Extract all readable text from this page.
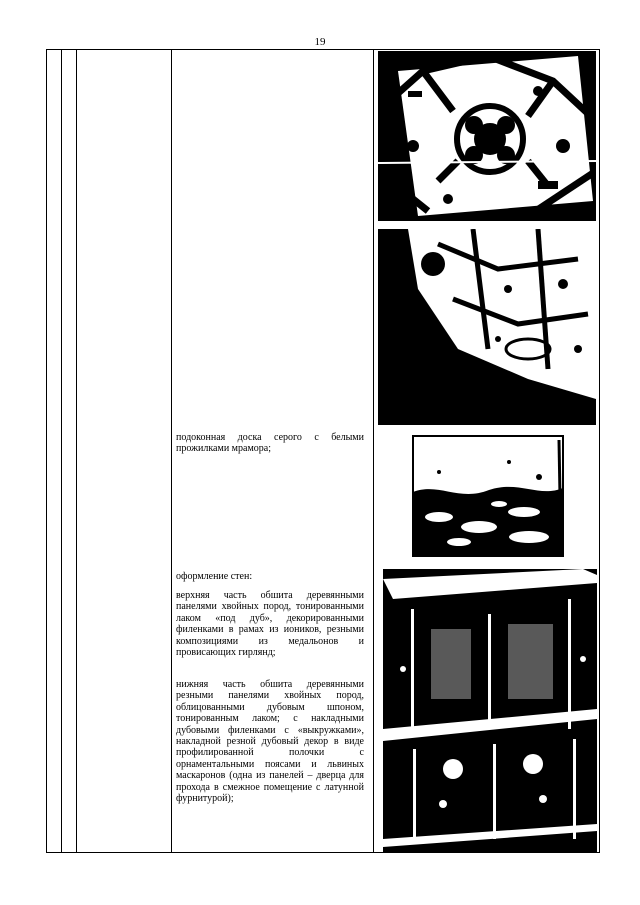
19
подоконная доска серого с белыми прожилками мрамора;
оформление стен:
верхняя часть обшита деревянными панелями хвойных пород, тонированными лаком «под дуб», декорированными филенками в рамах из иоников, резными композициями из медальонов и провисающих гирлянд;
нижняя часть обшита деревянными резными панелями хвойных пород, облицованными дубовым шпоном, тонированным лаком; с накладными дубовыми филенками с «выкружками», накладной резной дубовый декор в виде профилированной полочки с орнаментальными поясами и львиных маскаронов (одна из панелей – дверца для прохода в смежное помещение с латунной фурнитурой);
